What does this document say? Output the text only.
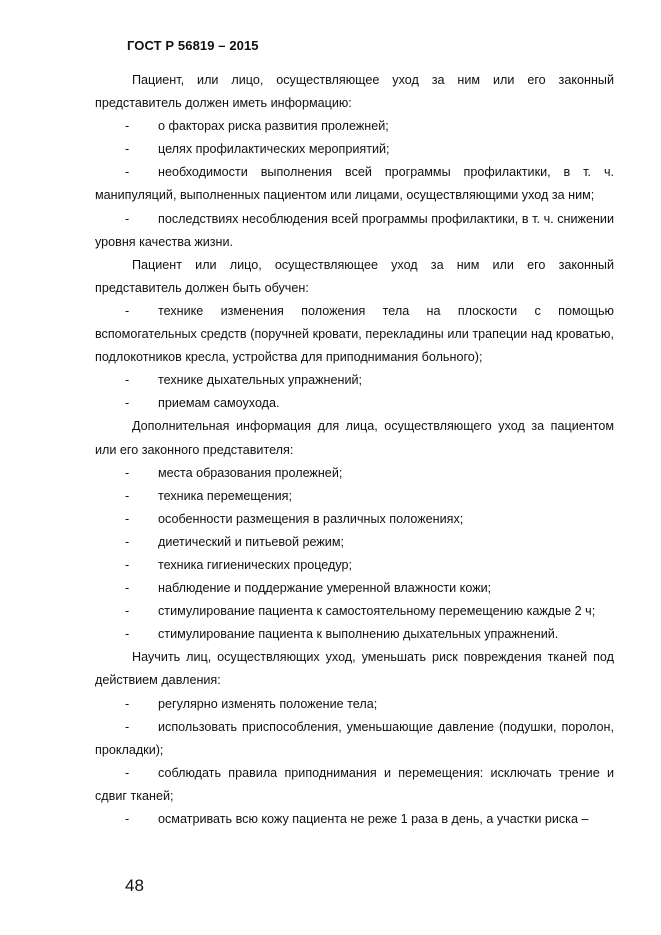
ГОСТ Р 56819 – 2015

Пациент, или лицо, осуществляющее уход за ним или его законный представитель должен иметь информацию:

- о факторах риска развития пролежней;

- целях профилактических мероприятий;

- необходимости выполнения всей программы профилактики, в т. ч. манипуляций, выполненных пациентом или лицами, осуществляющими уход за ним;

- последствиях несоблюдения всей программы профилактики, в т. ч. снижении уровня качества жизни.

Пациент или лицо, осуществляющее уход за ним или его законный представитель должен быть обучен:

- технике изменения положения тела на плоскости с помощью вспомогательных средств (поручней кровати, перекладины или трапеции над кроватью, подлокотников кресла, устройства для приподнимания больного);

- технике дыхательных упражнений;

- приемам самоухода.

Дополнительная информация для лица, осуществляющего уход за пациентом или его законного представителя:

- места образования пролежней;

- техника перемещения;

- особенности размещения в различных положениях;

- диетический и питьевой режим;

- техника гигиенических процедур;

- наблюдение и поддержание умеренной влажности кожи;

- стимулирование пациента к самостоятельному перемещению каждые 2 ч;

- стимулирование пациента к выполнению дыхательных упражнений.

Научить лиц, осуществляющих уход, уменьшать риск повреждения тканей под действием давления:

- регулярно изменять положение тела;

- использовать приспособления, уменьшающие давление (подушки, поролон, прокладки);

- соблюдать правила приподнимания и перемещения: исключать трение и сдвиг тканей;

- осматривать всю кожу пациента не реже 1 раза в день, а участки риска –

48
